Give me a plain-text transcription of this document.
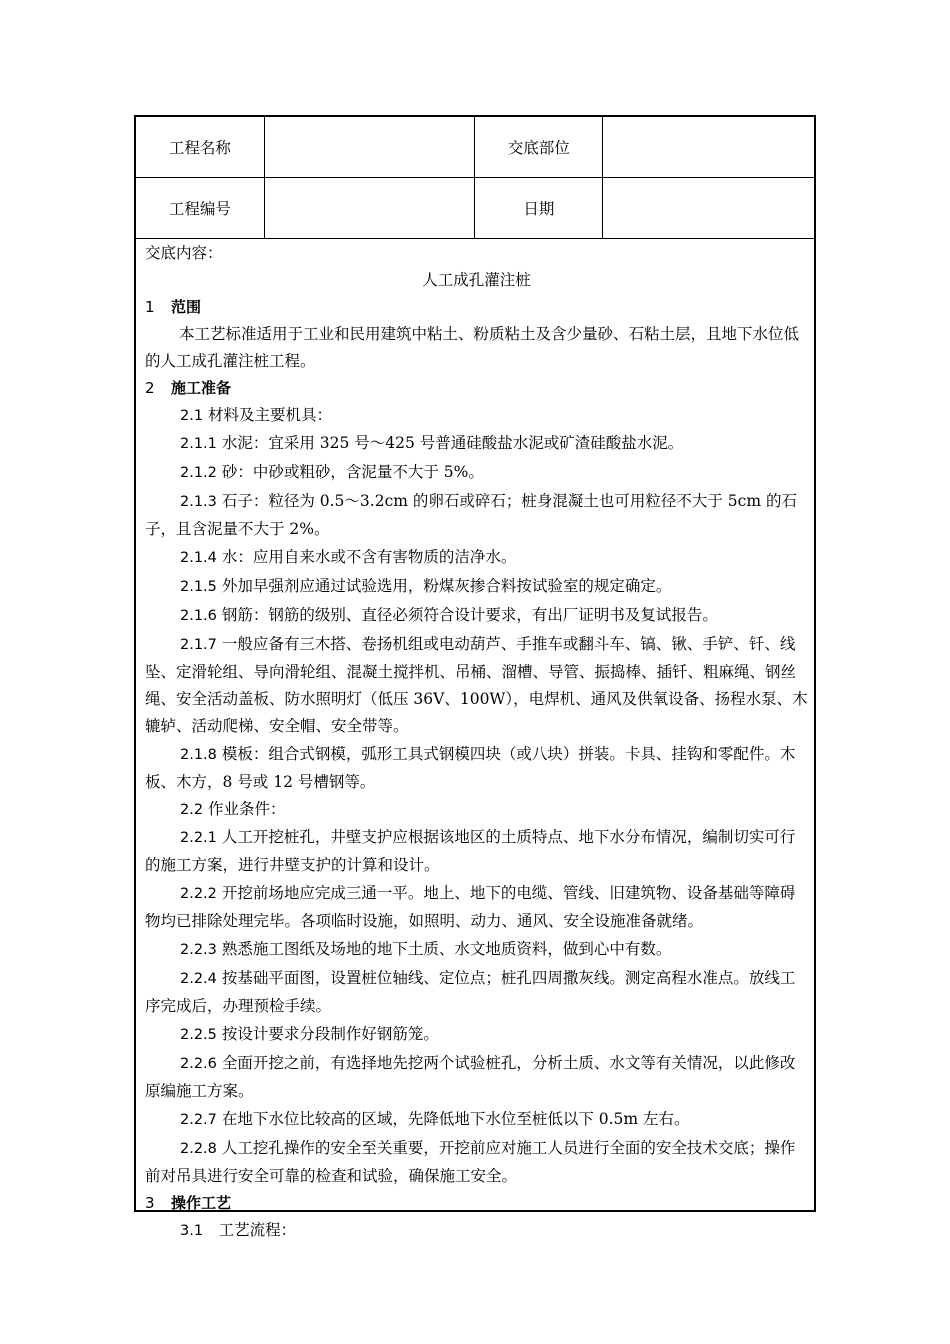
工程名称		交底部位	
工程编号		日期	
交底内容：
人工成孔灌注桩
1 范围
本工艺标准适用于工业和民用建筑中粘土、粉质粘土及含少量砂、石粘土层，且地下水位低的人工成孔灌注桩工程。
2 施工准备
2.1 材料及主要机具：
2.1.1 水泥：宜采用 325 号～425 号普通硅酸盐水泥或矿渣硅酸盐水泥。
2.1.2 砂：中砂或粗砂，含泥量不大于 5%。
2.1.3 石子：粒径为 0.5～3.2cm 的卵石或碎石；桩身混凝土也可用粒径不大于 5cm 的石子，且含泥量不大于 2%。
2.1.4 水：应用自来水或不含有害物质的洁净水。
2.1.5 外加早强剂应通过试验选用，粉煤灰掺合料按试验室的规定确定。
2.1.6 钢筋：钢筋的级别、直径必须符合设计要求，有出厂证明书及复试报告。
2.1.7 一般应备有三木搭、卷扬机组或电动葫芦、手推车或翻斗车、镐、锹、手铲、钎、线坠、定滑轮组、导向滑轮组、混凝土搅拌机、吊桶、溜槽、导管、振捣棒、插钎、粗麻绳、钢丝绳、安全活动盖板、防水照明灯（低压 36V、100W），电焊机、通风及供氧设备、扬程水泵、木辘轳、活动爬梯、安全帽、安全带等。
2.1.8 模板：组合式钢模，弧形工具式钢模四块（或八块）拼装。卡具、挂钩和零配件。木板、木方，8 号或 12 号槽钢等。
2.2 作业条件：
2.2.1 人工开挖桩孔，井壁支护应根据该地区的土质特点、地下水分布情况，编制切实可行的施工方案，进行井壁支护的计算和设计。
2.2.2 开挖前场地应完成三通一平。地上、地下的电缆、管线、旧建筑物、设备基础等障碍物均已排除处理完毕。各项临时设施，如照明、动力、通风、安全设施准备就绪。
2.2.3 熟悉施工图纸及场地的地下土质、水文地质资料，做到心中有数。
2.2.4 按基础平面图，设置桩位轴线、定位点；桩孔四周撒灰线。测定高程水准点。放线工序完成后，办理预检手续。
2.2.5 按设计要求分段制作好钢筋笼。
2.2.6 全面开挖之前，有选择地先挖两个试验桩孔，分析土质、水文等有关情况，以此修改原编施工方案。
2.2.7 在地下水位比较高的区域，先降低地下水位至桩低以下 0.5m 左右。
2.2.8 人工挖孔操作的安全至关重要，开挖前应对施工人员进行全面的安全技术交底；操作前对吊具进行安全可靠的检查和试验，确保施工安全。
3 操作工艺
3.1　 工艺流程：
